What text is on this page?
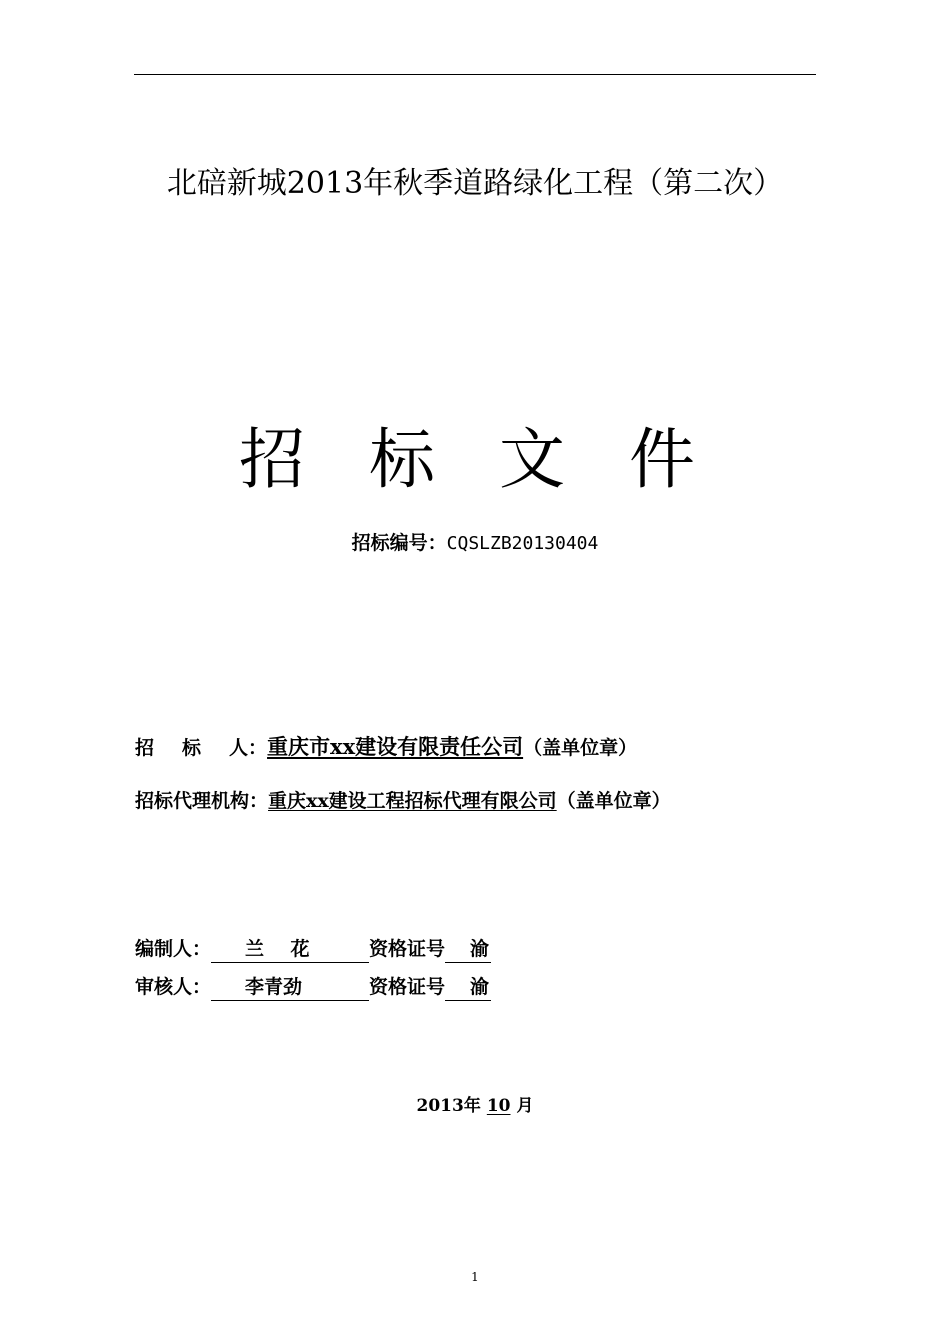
北碚新城2013年秋季道路绿化工程（第二次）
招标文件
招标编号：CQSLZB20130404
招 标 人：重庆市xx建设有限责任公司（盖单位章）
招标代理机构：重庆xx建设工程招标代理有限公司（盖单位章）
编制人： 兰    花	资格证号 渝
审核人： 李青劲	资格证号 渝
2013年 10 月
1
